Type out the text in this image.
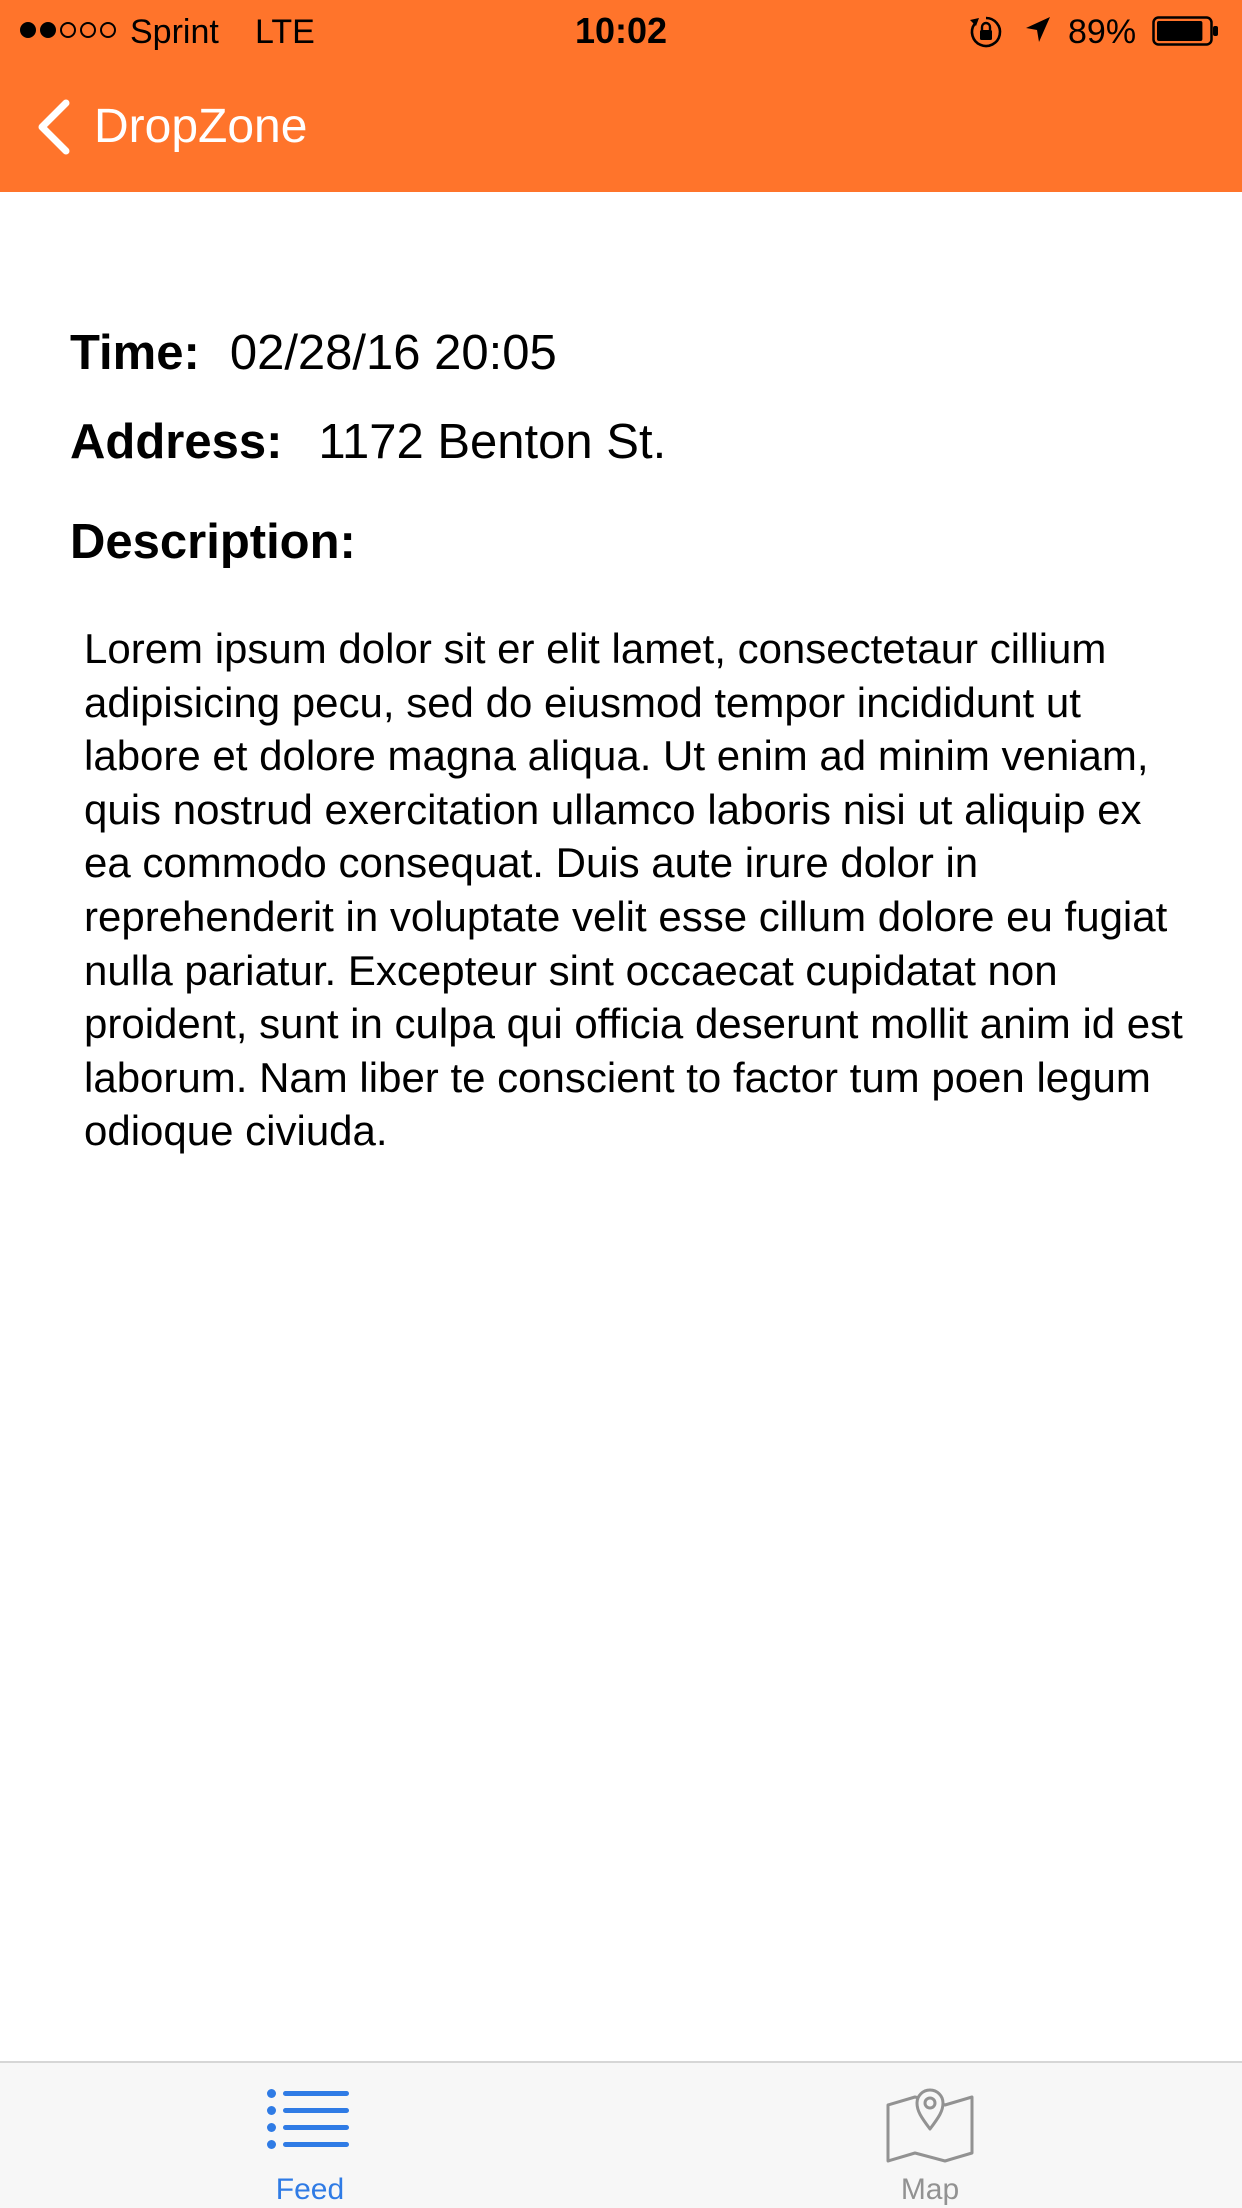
Sprint LTE	10:02	89%
DropZone
Time: 02/28/16 20:05
Address: 1172 Benton St.
Description:
Lorem ipsum dolor sit er elit lamet, consectetaur cillium adipisicing pecu, sed do eiusmod tempor incididunt ut labore et dolore magna aliqua. Ut enim ad minim veniam, quis nostrud exercitation ullamco laboris nisi ut aliquip ex ea commodo consequat. Duis aute irure dolor in reprehenderit in voluptate velit esse cillum dolore eu fugiat nulla pariatur. Excepteur sint occaecat cupidatat non proident, sunt in culpa qui officia deserunt mollit anim id est laborum. Nam liber te conscient to factor tum poen legum odioque civiuda.
Feed	Map
